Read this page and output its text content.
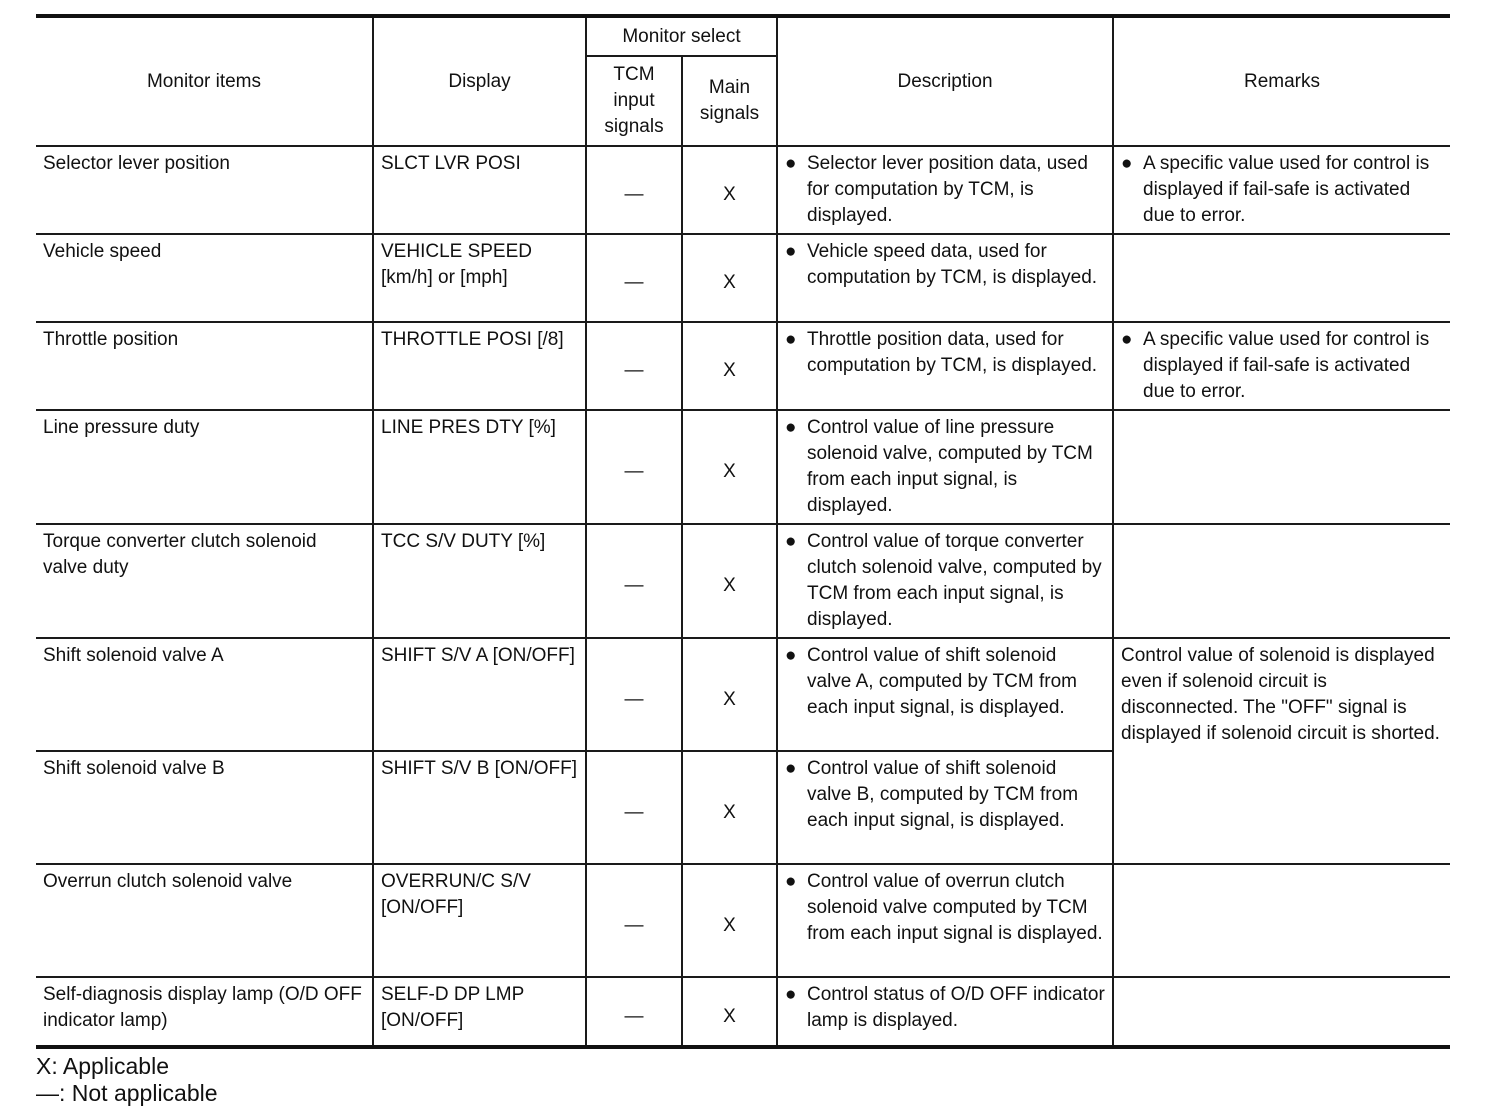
Monitor items	Display	Monitor select		Description	Remarks
		TCM input signals	Main signals		
Selector lever position	SLCT LVR POSI	—	X	● Selector lever position data, used for computation by TCM, is displayed.	● A specific value used for control is displayed if fail-safe is activated due to error.

Vehicle speed	VEHICLE SPEED [km/h] or [mph]	—	X	● Vehicle speed data, used for computation by TCM, is displayed.	

Throttle position	THROTTLE POSI [/8]	—	X	● Throttle position data, used for computation by TCM, is displayed.	● A specific value used for control is displayed if fail-safe is activated due to error.

Line pressure duty	LINE PRES DTY [%]	—	X	● Control value of line pressure solenoid valve, computed by TCM from each input signal, is displayed.	

Torque converter clutch solenoid valve duty	TCC S/V DUTY [%]	—	X	● Control value of torque converter clutch solenoid valve, computed by TCM from each input signal, is displayed.	

Shift solenoid valve A	SHIFT S/V A [ON/OFF]	—	X	● Control value of shift solenoid valve A, computed by TCM from each input signal, is displayed.	Control value of solenoid is displayed even if solenoid circuit is disconnected. The "OFF" signal is displayed if solenoid circuit is shorted.
Shift solenoid valve B	SHIFT S/V B [ON/OFF]	—	X	● Control value of shift solenoid valve B, computed by TCM from each input signal, is displayed.	

Overrun clutch solenoid valve	OVERRUN/C S/V [ON/OFF]	—	X	● Control value of overrun clutch solenoid valve computed by TCM from each input signal is displayed.	

Self-diagnosis display lamp (O/D OFF indicator lamp)	SELF-D DP LMP [ON/OFF]	—	X	● Control status of O/D OFF indicator lamp is displayed.	

X: Applicable
—: Not applicable
